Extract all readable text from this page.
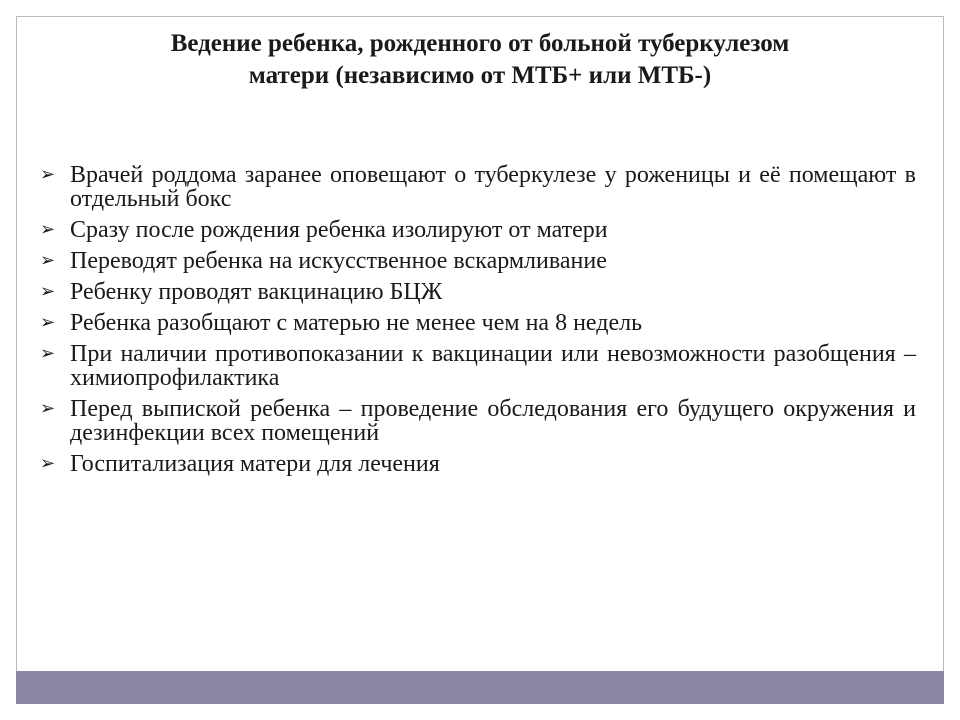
Ведение ребенка, рожденного от больной туберкулезом
матери (независимо от МТБ+ или МТБ-)
➢ Врачей роддома заранее оповещают о туберкулезе у роженицы и её помещают в отдельный бокс
➢ Сразу после рождения ребенка изолируют от матери
➢ Переводят ребенка на искусственное вскармливание
➢ Ребенку проводят вакцинацию БЦЖ
➢ Ребенка разобщают с матерью не менее чем на 8 недель
➢ При наличии противопоказании к вакцинации или невозможности разобщения – химиопрофилактика
➢ Перед выпиской ребенка – проведение обследования его будущего окружения и дезинфекции всех помещений
➢ Госпитализация матери для лечения
